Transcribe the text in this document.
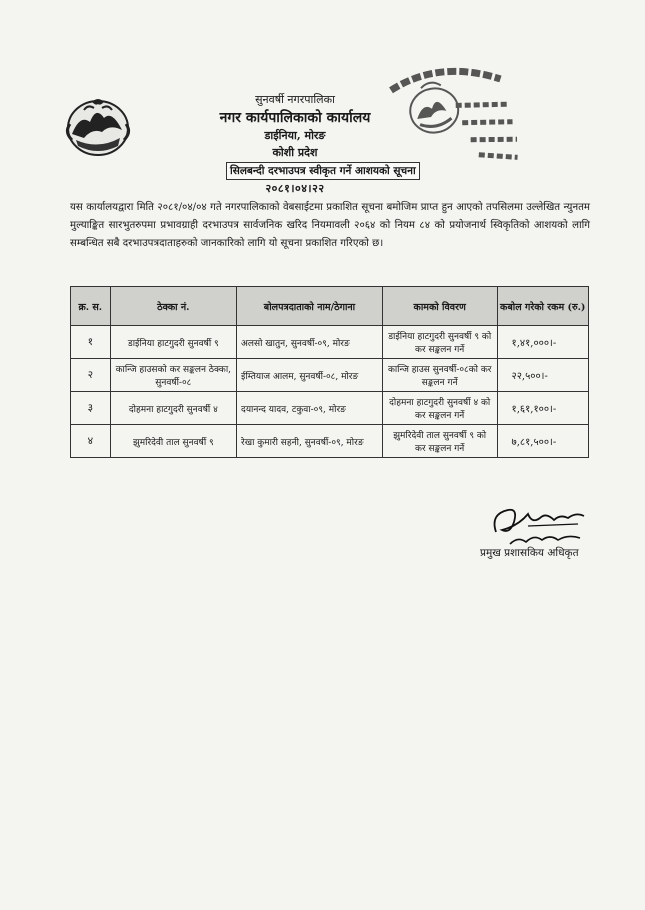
सुनवर्षी नगरपालिका
नगर कार्यपालिकाको कार्यालय
डाईनिया, मोरङ
कोशी प्रदेश
सिलबन्दी दरभाउपत्र स्वीकृत गर्ने आशयको सूचना
२०८१।०४।२२
यस कार्यालयद्वारा मिति २०८१/०४/०४ गते नगरपालिकाको वेबसाईटमा प्रकाशित सूचना बमोजिम प्राप्त हुन आएको तपसिलमा उल्लेखित न्युनतम मुल्याङ्कित सारभुतरुपमा प्रभावग्राही दरभाउपत्र सार्वजनिक खरिद नियमावली २०६४ को नियम ८४ को प्रयोजनार्थ स्विकृतिको आशयको लागि सम्बन्धित सबै दरभाउपत्रदाताहरुको जानकारिको लागि यो सूचना प्रकाशित गरिएको छ।
क्र. स.	ठेक्का नं.	बोलपत्रदाताको नाम/ठेगाना	कामको विवरण	कबोल गरेको रकम (रु.)
१	डाईनिया हाटगुदरी सुनवर्षी ९	अलसो खातुन, सुनवर्षी-०९, मोरङ	डाईनिया हाटगुदरी सुनवर्षी ९ को कर सङ्कलन गर्ने	१,४१,०००।-
२	कान्जि हाउसको कर सङ्कलन ठेक्का, सुनवर्षी-०८	ईम्तियाज आलम, सुनवर्षी-०८, मोरङ	कान्जि हाउस सुनवर्षी-०८को कर सङ्कलन गर्ने	२२,५००।-
३	दोहमना हाटगुदरी सुनवर्षी ४	दयानन्द यादव, टकुवा-०९, मोरङ	दोहमना हाटगुदरी सुनवर्षी ४ को कर सङ्कलन गर्ने	१,६१,१००।-
४	झुमरिदेवी ताल सुनवर्षी ९	रेखा कुमारी सहनी, सुनवर्षी-०९, मोरङ	झुमरिदेवी ताल सुनवर्षी ९ को कर सङ्कलन गर्ने	७,८१,५००।-
प्रमुख प्रशासकिय अधिकृत
